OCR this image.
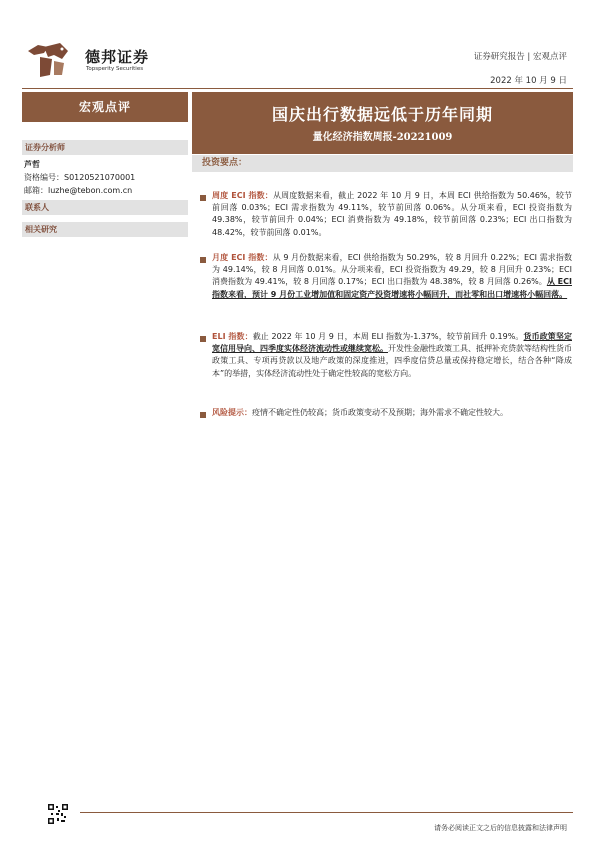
德邦证券
Topsperity Securities
证券研究报告 | 宏观点评
2022 年 10 月 9 日
宏观点评
证券分析师
芦哲
资格编号：S0120521070001
邮箱：luzhe@tebon.com.cn
联系人
相关研究
国庆出行数据远低于历年同期
量化经济指数周报-20221009
投资要点：
周度 ECI 指数：从周度数据来看，截止 2022 年 10 月 9 日，本周 ECI 供给指数为 50.46%，较节前回落 0.03%；ECI 需求指数为 49.11%，较节前回落 0.06%。从分项来看，ECI 投资指数为 49.38%，较节前回升 0.04%；ECI 消费指数为 49.18%，较节前回落 0.23%；ECI 出口指数为 48.42%，较节前回落 0.01%。
月度 ECI 指数：从 9 月份数据来看，ECI 供给指数为 50.29%，较 8 月回升 0.22%；ECI 需求指数为 49.14%，较 8 月回落 0.01%。从分项来看，ECI 投资指数为 49.29，较 8 月回升 0.23%；ECI 消费指数为 49.41%，较 8 月回落 0.17%；ECI 出口指数为 48.38%，较 8 月回落 0.26%。从 ECI 指数来看，预计 9 月份工业增加值和固定资产投资增速将小幅回升，而社零和出口增速将小幅回落。
ELI 指数：截止 2022 年 10 月 9 日，本周 ELI 指数为-1.37%，较节前回升 0.19%。货币政策坚定宽信用导向、四季度实体经济流动性或继续宽松。开发性金融性政策工具、抵押补充贷款等结构性货币政策工具、专项再贷款以及地产政策的深度推进，四季度信贷总量或保持稳定增长，结合各种“降成本”的举措，实体经济流动性处于确定性较高的宽松方向。
风险提示：疫情不确定性仍较高；货币政策变动不及预期；海外需求不确定性较大。
请务必阅读正文之后的信息披露和法律声明
